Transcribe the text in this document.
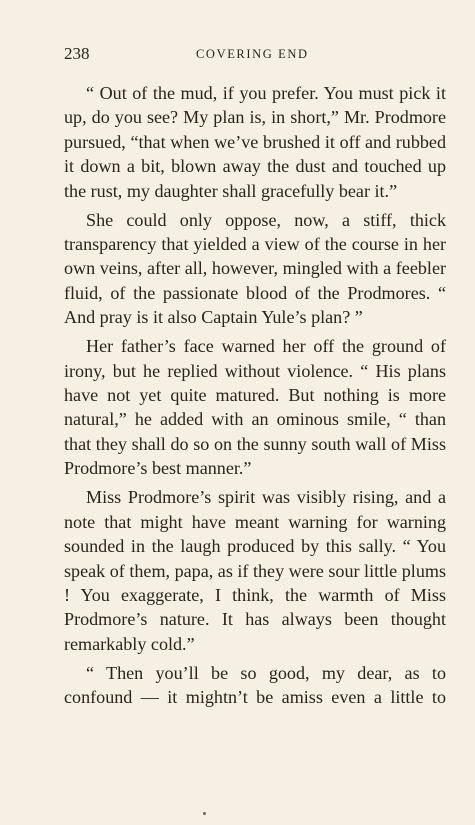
238	COVERING END

“ Out of the mud, if you prefer. You must pick it up, do you see? My plan is, in short,” Mr. Prodmore pursued, “that when we’ve brushed it off and rubbed it down a bit, blown away the dust and touched up the rust, my daughter shall gracefully bear it.”

She could only oppose, now, a stiff, thick transparency that yielded a view of the course in her own veins, after all, however, mingled with a feebler fluid, of the passionate blood of the Prodmores. “ And pray is it also Captain Yule’s plan? ”

Her father’s face warned her off the ground of irony, but he replied without violence. “ His plans have not yet quite matured. But nothing is more natural,” he added with an ominous smile, “ than that they shall do so on the sunny south wall of Miss Prodmore’s best manner.”

Miss Prodmore’s spirit was visibly rising, and a note that might have meant warning for warning sounded in the laugh produced by this sally. “ You speak of them, papa, as if they were sour little plums ! You exaggerate, I think, the warmth of Miss Prodmore’s nature. It has always been thought remarkably cold.”

“ Then you’ll be so good, my dear, as to confound — it mightn’t be amiss even a little to
